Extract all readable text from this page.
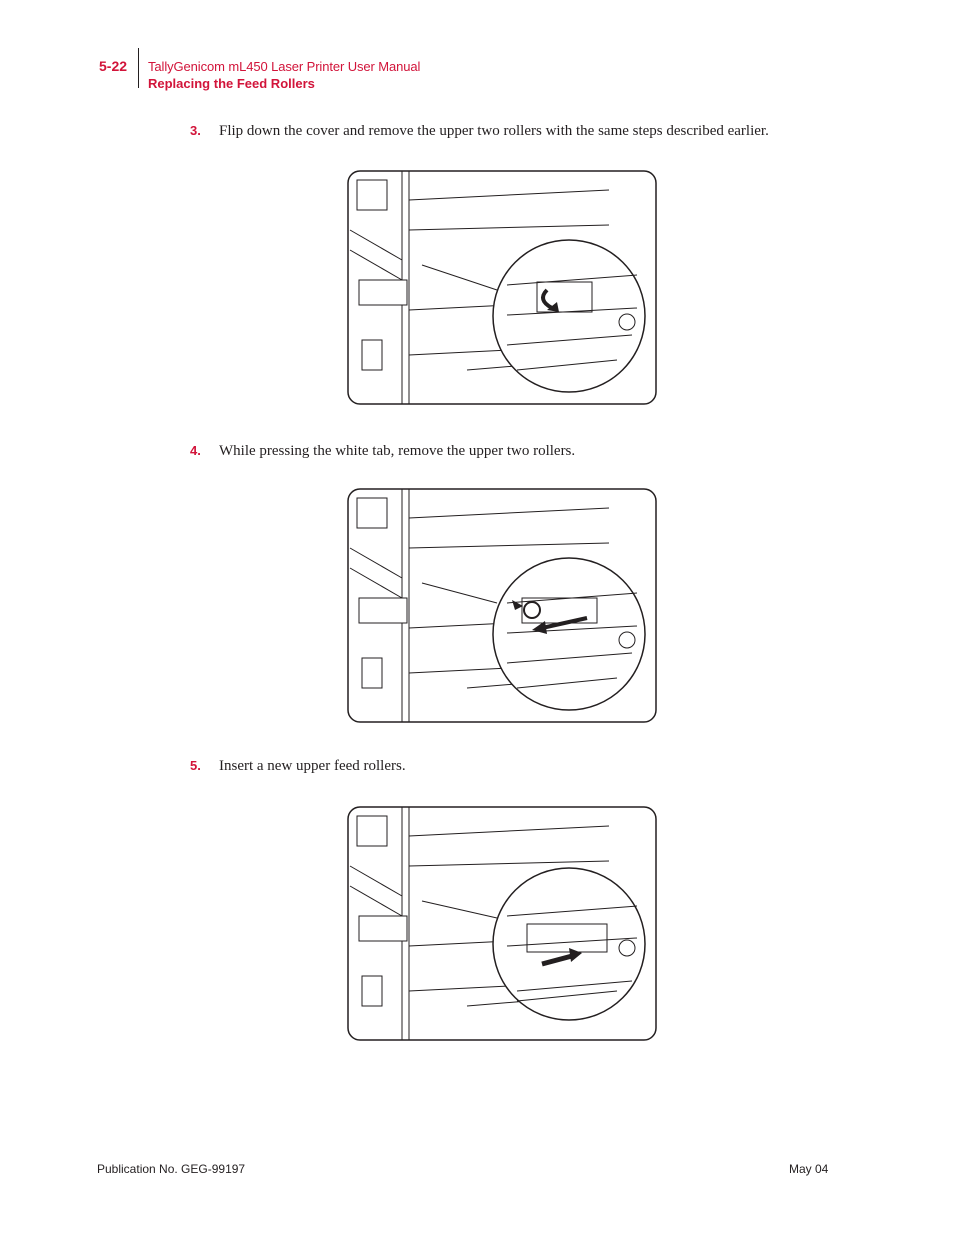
5-22 TallyGenicom mL450 Laser Printer User Manual
Replacing the Feed Rollers
3. Flip down the cover and remove the upper two rollers with the same steps described earlier.
4. While pressing the white tab, remove the upper two rollers.
5. Insert a new upper feed rollers.
Publication No. GEG-99197	May 04
